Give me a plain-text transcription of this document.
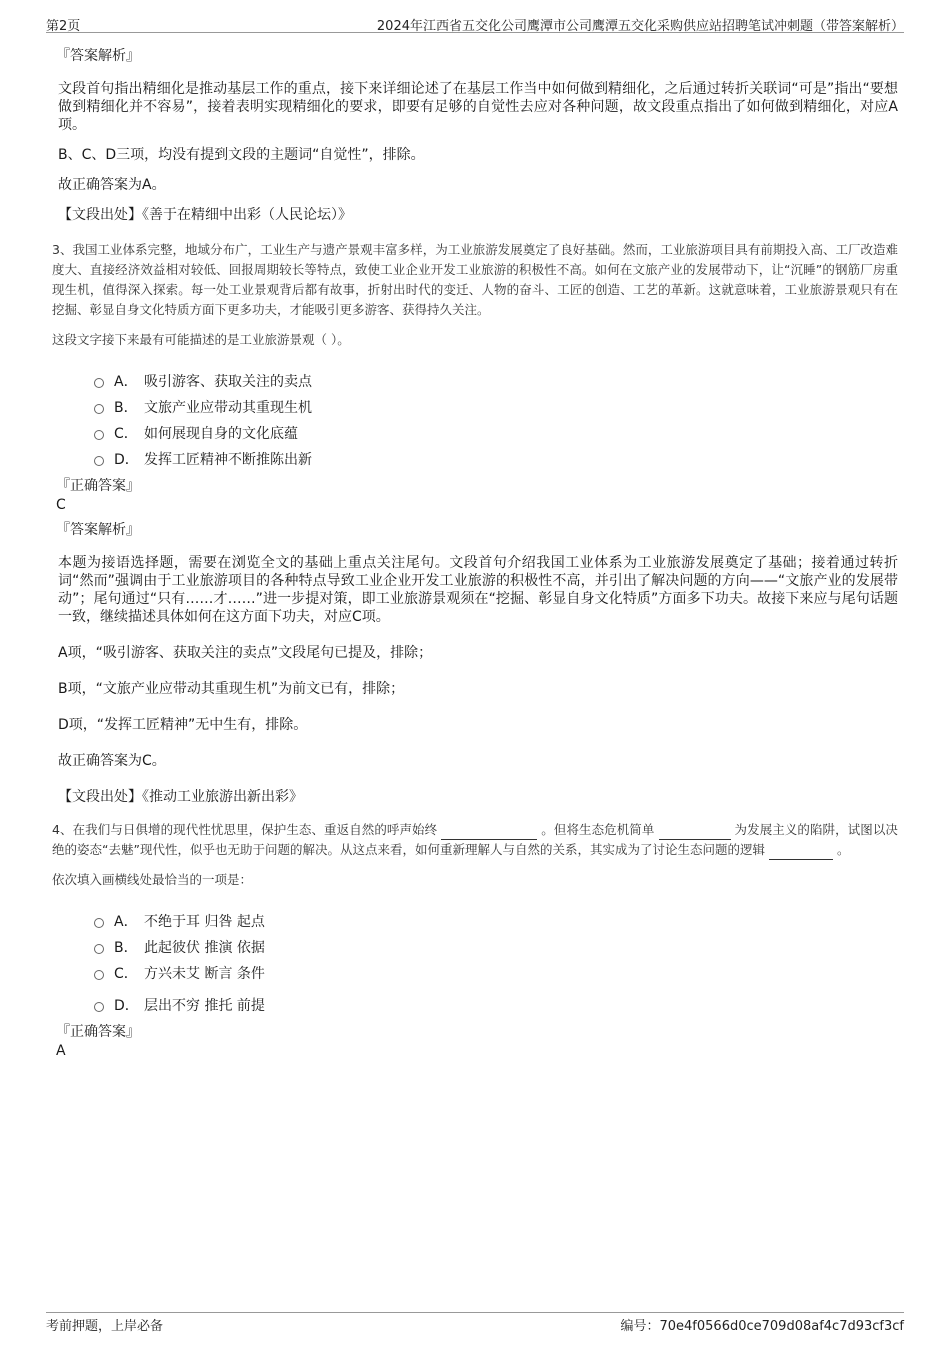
第2页	2024年江西省五交化公司鹰潭市公司鹰潭五交化采购供应站招聘笔试冲刺题（带答案解析）
『答案解析』

文段首句指出精细化是推动基层工作的重点，接下来详细论述了在基层工作当中如何做到精细化，之后通过转折关联词“可是”指出“要想做到精细化并不容易”，接着表明实现精细化的要求，即要有足够的自觉性去应对各种问题，故文段重点指出了如何做到精细化，对应A项。

B、C、D三项，均没有提到文段的主题词“自觉性”，排除。

故正确答案为A。

【文段出处】《善于在精细中出彩（人民论坛）》

3、我国工业体系完整，地域分布广，工业生产与遗产景观丰富多样，为工业旅游发展奠定了良好基础。然而，工业旅游项目具有前期投入高、工厂改造难度大、直接经济效益相对较低、回报周期较长等特点，致使工业企业开发工业旅游的积极性不高。如何在文旅产业的发展带动下，让“沉睡”的钢筋厂房重现生机，值得深入探索。每一处工业景观背后都有故事，折射出时代的变迁、人物的奋斗、工匠的创造、工艺的革新。这就意味着，工业旅游景观只有在挖掘、彰显自身文化特质方面下更多功夫，才能吸引更多游客、获得持久关注。

这段文字接下来最有可能描述的是工业旅游景观（ ）。
A． 吸引游客、获取关注的卖点
B． 文旅产业应带动其重现生机
C． 如何展现自身的文化底蕴
D． 发挥工匠精神不断推陈出新
『正确答案』
C
『答案解析』

本题为接语选择题，需要在浏览全文的基础上重点关注尾句。文段首句介绍我国工业体系为工业旅游发展奠定了基础；接着通过转折词“然而”强调由于工业旅游项目的各种特点导致工业企业开发工业旅游的积极性不高，并引出了解决问题的方向——“文旅产业的发展带动”；尾句通过“只有……才……”进一步提对策，即工业旅游景观须在“挖掘、彰显自身文化特质”方面多下功夫。故接下来应与尾句话题一致，继续描述具体如何在这方面下功夫，对应C项。

A项，“吸引游客、获取关注的卖点”文段尾句已提及，排除；

B项，“文旅产业应带动其重现生机”为前文已有，排除；

D项，“发挥工匠精神”无中生有，排除。

故正确答案为C。

【文段出处】《推动工业旅游出新出彩》

4、在我们与日俱增的现代性忧思里，保护生态、重返自然的呼声始终	。但将生态危机简单	为发展主义的陷阱，试图以决绝的姿态“去魅”现代性，似乎也无助于问题的解决。从这点来看，如何重新理解人与自然的关系，其实成为了讨论生态问题的逻辑	。

依次填入画横线处最恰当的一项是：
A． 不绝于耳 归咎 起点
B． 此起彼伏 推演 依据
C． 方兴未艾 断言 条件
D． 层出不穷 推托 前提
『正确答案』
A
考前押题，上岸必备	编号：70e4f0566d0ce709d08af4c7d93cf3cf
